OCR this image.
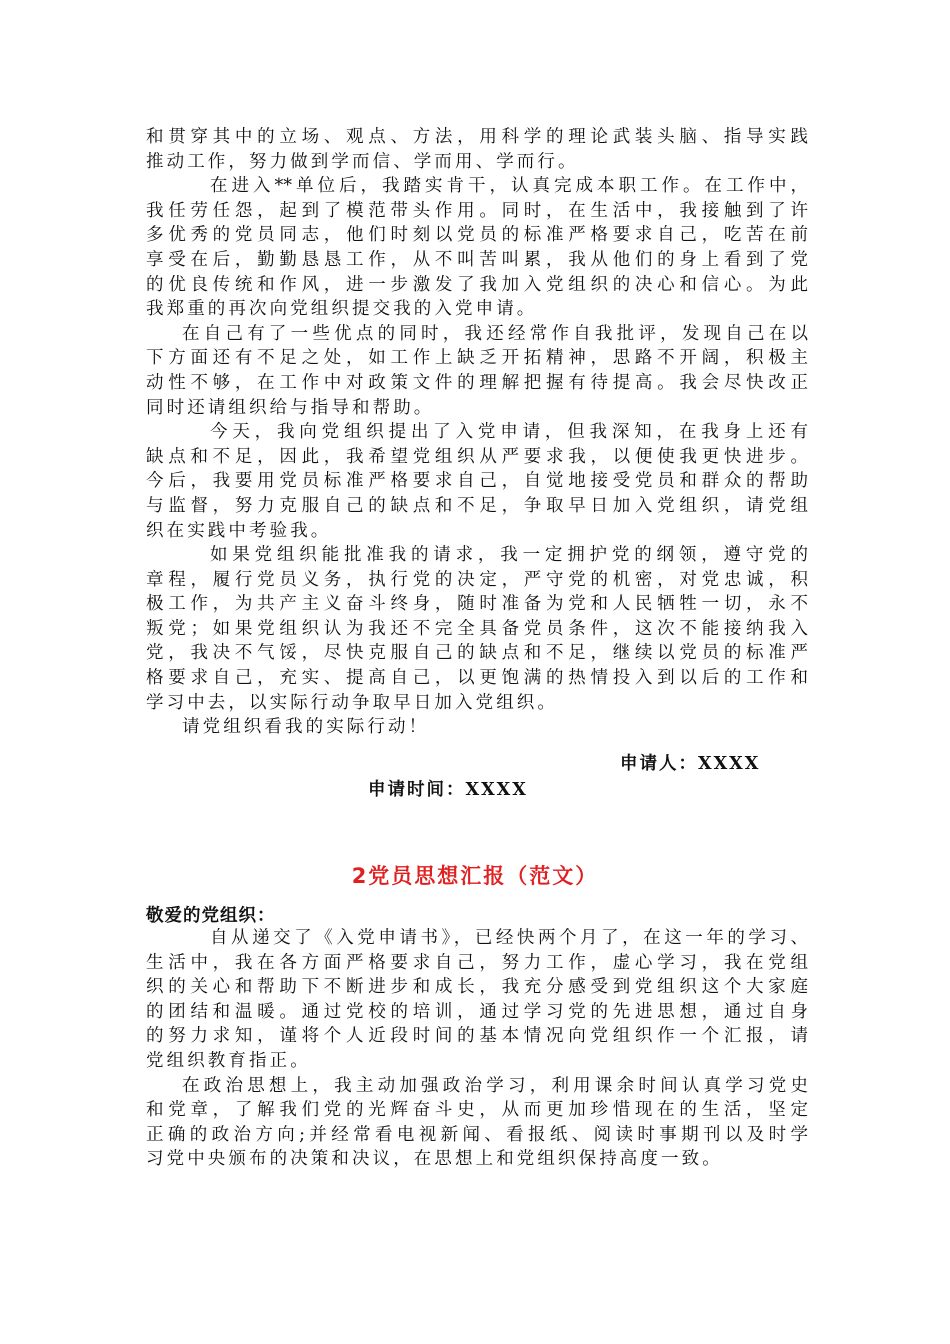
和贯穿其中的立场、观点、方法，用科学的理论武装头脑、指导实践
推动工作，努力做到学而信、学而用、学而行。
在进入**单位后，我踏实肯干，认真完成本职工作。在工作中，
我任劳任怨，起到了模范带头作用。同时，在生活中，我接触到了许
多优秀的党员同志，他们时刻以党员的标准严格要求自己，吃苦在前
享受在后，勤勤恳恳工作，从不叫苦叫累，我从他们的身上看到了党
的优良传统和作风，进一步激发了我加入党组织的决心和信心。为此
我郑重的再次向党组织提交我的入党申请。
在自己有了一些优点的同时，我还经常作自我批评，发现自己在以
下方面还有不足之处，如工作上缺乏开拓精神，思路不开阔，积极主
动性不够，在工作中对政策文件的理解把握有待提高。我会尽快改正
同时还请组织给与指导和帮助。
今天，我向党组织提出了入党申请，但我深知，在我身上还有
缺点和不足，因此，我希望党组织从严要求我，以便使我更快进步。
今后，我要用党员标准严格要求自己，自觉地接受党员和群众的帮助
与监督，努力克服自己的缺点和不足，争取早日加入党组织，请党组
织在实践中考验我。
如果党组织能批准我的请求，我一定拥护党的纲领，遵守党的
章程，履行党员义务，执行党的决定，严守党的机密，对党忠诚，积
极工作，为共产主义奋斗终身，随时准备为党和人民牺牲一切，永不
叛党；如果党组织认为我还不完全具备党员条件，这次不能接纳我入
党，我决不气馁，尽快克服自己的缺点和不足，继续以党员的标准严
格要求自己，充实、提高自己，以更饱满的热情投入到以后的工作和
学习中去，以实际行动争取早日加入党组织。
请党组织看我的实际行动！
申请人：XXXX
申请时间：XXXX
2党员思想汇报（范文）
敬爱的党组织：
自从递交了《入党申请书》，已经快两个月了，在这一年的学习、
生活中，我在各方面严格要求自己，努力工作，虚心学习，我在党组
织的关心和帮助下不断进步和成长，我充分感受到党组织这个大家庭
的团结和温暖。通过党校的培训，通过学习党的先进思想，通过自身
的努力求知，谨将个人近段时间的基本情况向党组织作一个汇报，请
党组织教育指正。
在政治思想上，我主动加强政治学习，利用课余时间认真学习党史
和党章，了解我们党的光辉奋斗史，从而更加珍惜现在的生活，坚定
正确的政治方向;并经常看电视新闻、看报纸、阅读时事期刊以及时学
习党中央颁布的决策和决议，在思想上和党组织保持高度一致。
